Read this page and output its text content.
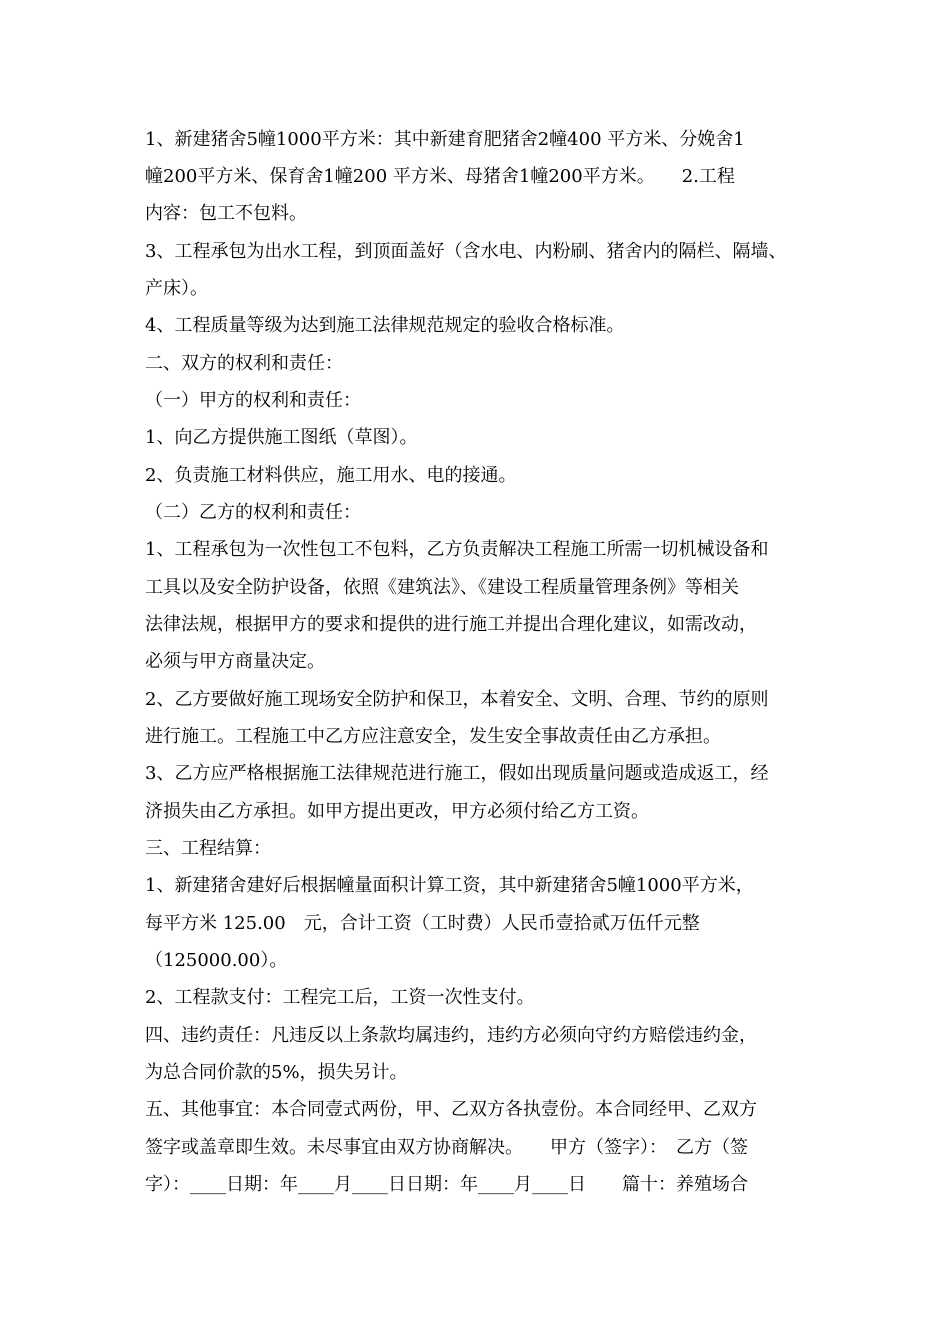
1、新建猪舍5幢1000平方米：其中新建育肥猪舍2幢400 平方米、分娩舍1
幢200平方米、保育舍1幢200 平方米、母猪舍1幢200平方米。　　2.工程
内容：包工不包料。
3、工程承包为出水工程，到顶面盖好（含水电、内粉刷、猪舍内的隔栏、隔墙、
产床）。
4、工程质量等级为达到施工法律规范规定的验收合格标准。
二、双方的权利和责任：
（一）甲方的权利和责任：
1、向乙方提供施工图纸（草图）。
2、负责施工材料供应，施工用水、电的接通。
（二）乙方的权利和责任：
1、工程承包为一次性包工不包料，乙方负责解决工程施工所需一切机械设备和
工具以及安全防护设备，依照《建筑法》、《建设工程质量管理条例》等相关
法律法规，根据甲方的要求和提供的进行施工并提出合理化建议，如需改动，
必须与甲方商量决定。
2、乙方要做好施工现场安全防护和保卫，本着安全、文明、合理、节约的原则
进行施工。工程施工中乙方应注意安全，发生安全事故责任由乙方承担。
3、乙方应严格根据施工法律规范进行施工，假如出现质量问题或造成返工，经
济损失由乙方承担。如甲方提出更改，甲方必须付给乙方工资。
三、工程结算：
1、新建猪舍建好后根据幢量面积计算工资，其中新建猪舍5幢1000平方米，
每平方米 125.00　元，合计工资（工时费）人民币壹拾贰万伍仟元整
（125000.00）。
2、工程款支付：工程完工后，工资一次性支付。
四、违约责任：凡违反以上条款均属违约，违约方必须向守约方赔偿违约金，
为总合同价款的5%，损失另计。
五、其他事宜：本合同壹式两份，甲、乙双方各执壹份。本合同经甲、乙双方
签字或盖章即生效。未尽事宜由双方协商解决。　　甲方（签字）：　乙方（签
字）：____日期：年____月____日日期：年____月____日　　篇十：养殖场合
